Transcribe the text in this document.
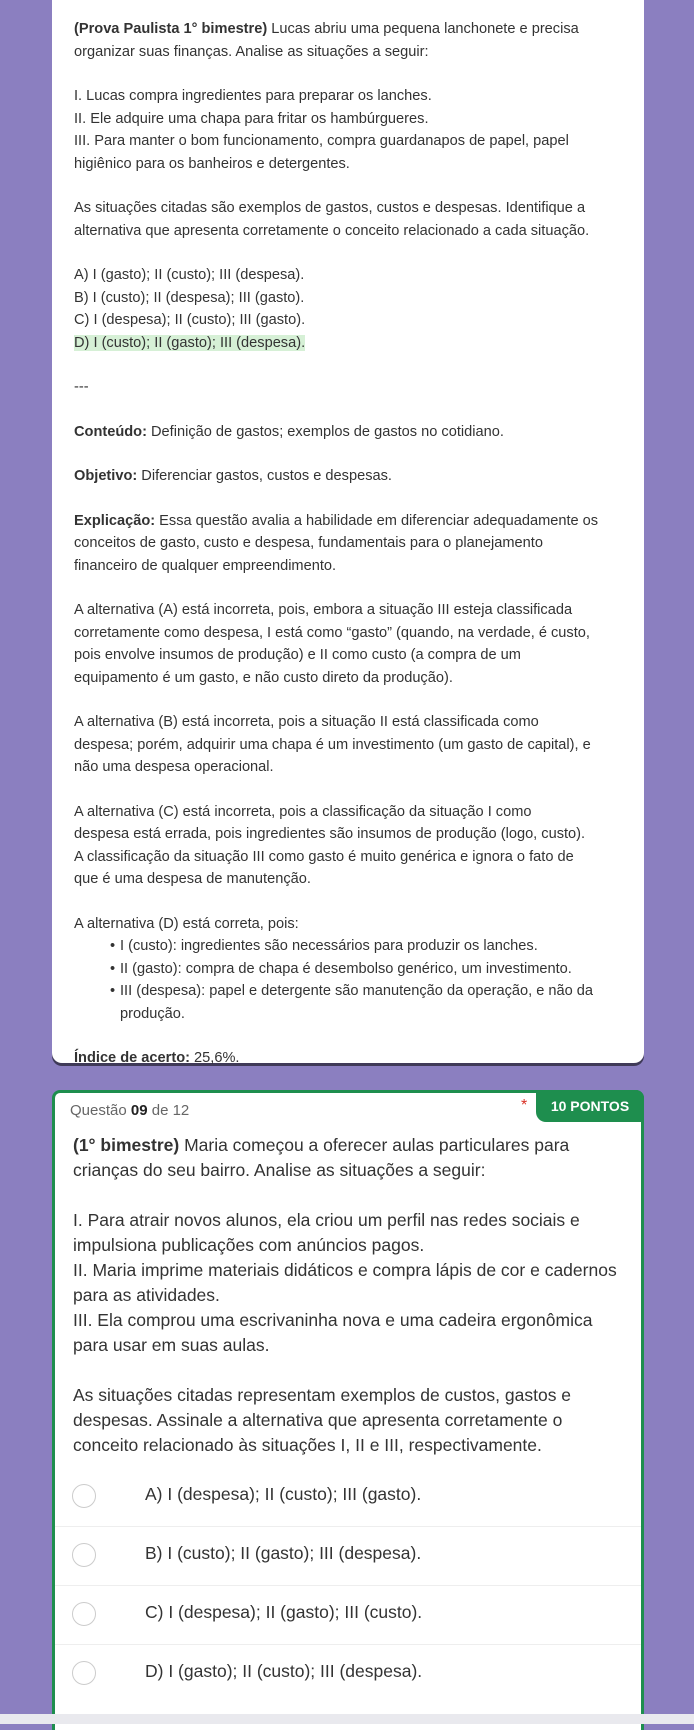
(Prova Paulista 1° bimestre) Lucas abriu uma pequena lanchonete e precisa
organizar suas finanças. Analise as situações a seguir:

I. Lucas compra ingredientes para preparar os lanches.
II. Ele adquire uma chapa para fritar os hambúrgueres.
III. Para manter o bom funcionamento, compra guardanapos de papel, papel
higiênico para os banheiros e detergentes.

As situações citadas são exemplos de gastos, custos e despesas. Identifique a
alternativa que apresenta corretamente o conceito relacionado a cada situação.

A) I (gasto); II (custo); III (despesa).
B) I (custo); II (despesa); III (gasto).
C) I (despesa); II (custo); III (gasto).
D) I (custo); II (gasto); III (despesa).

---

Conteúdo: Definição de gastos; exemplos de gastos no cotidiano.

Objetivo: Diferenciar gastos, custos e despesas.

Explicação: Essa questão avalia a habilidade em diferenciar adequadamente os
conceitos de gasto, custo e despesa, fundamentais para o planejamento
financeiro de qualquer empreendimento.

A alternativa (A) está incorreta, pois, embora a situação III esteja classificada
corretamente como despesa, I está como “gasto” (quando, na verdade, é custo,
pois envolve insumos de produção) e II como custo (a compra de um
equipamento é um gasto, e não custo direto da produção).

A alternativa (B) está incorreta, pois a situação II está classificada como
despesa; porém, adquirir uma chapa é um investimento (um gasto de capital), e
não uma despesa operacional.

A alternativa (C) está incorreta, pois a classificação da situação I como
despesa está errada, pois ingredientes são insumos de produção (logo, custo).
A classificação da situação III como gasto é muito genérica e ignora o fato de
que é uma despesa de manutenção.

A alternativa (D) está correta, pois:

• I (custo): ingredientes são necessários para produzir os lanches.
• II (gasto): compra de chapa é desembolso genérico, um investimento.
• III (despesa): papel e detergente são manutenção da operação, e não da
produção.

Índice de acerto: 25,6%.

Questão 09 de 12	*	10 PONTOS

(1° bimestre) Maria começou a oferecer aulas particulares para
crianças do seu bairro. Analise as situações a seguir:

I. Para atrair novos alunos, ela criou um perfil nas redes sociais e
impulsiona publicações com anúncios pagos.
II. Maria imprime materiais didáticos e compra lápis de cor e cadernos
para as atividades.
III. Ela comprou uma escrivaninha nova e uma cadeira ergonômica
para usar em suas aulas.

As situações citadas representam exemplos de custos, gastos e
despesas. Assinale a alternativa que apresenta corretamente o
conceito relacionado às situações I, II e III, respectivamente.

A) I (despesa); II (custo); III (gasto).
B) I (custo); II (gasto); III (despesa).
C) I (despesa); II (gasto); III (custo).
D) I (gasto); II (custo); III (despesa).
